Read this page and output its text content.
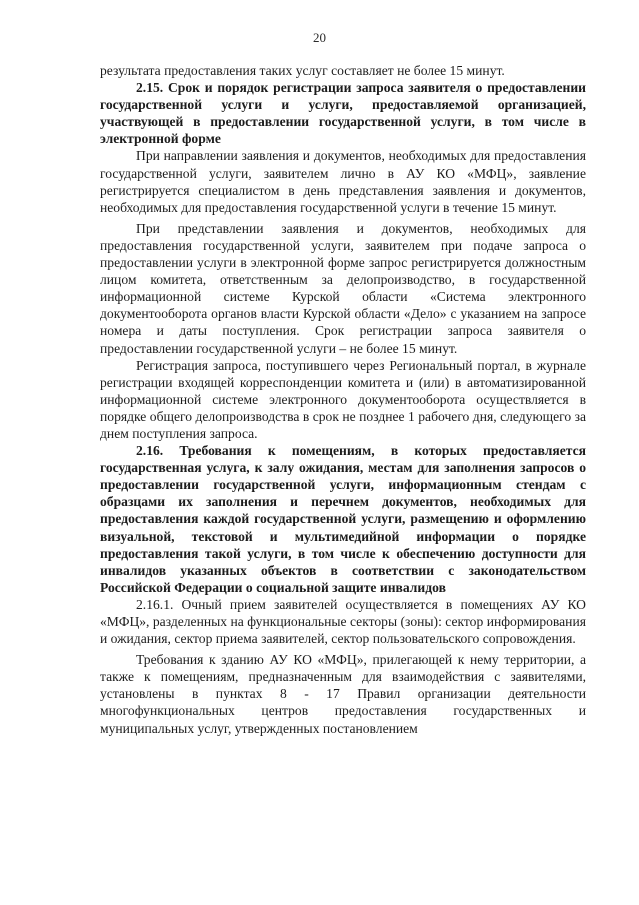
20

результата предоставления таких услуг составляет не более 15 минут.

2.15. Срок и порядок регистрации запроса заявителя о предоставлении государственной услуги и услуги, предоставляемой организацией, участвующей в предоставлении государственной услуги, в том числе в электронной форме

При направлении заявления и документов, необходимых для предоставления государственной услуги, заявителем лично в АУ КО «МФЦ», заявление регистрируется специалистом в день представления заявления и документов, необходимых для предоставления государственной услуги в течение 15 минут.

При представлении заявления и документов, необходимых для предоставления государственной услуги, заявителем при подаче запроса о предоставлении услуги в электронной форме запрос регистрируется должностным лицом комитета, ответственным за делопроизводство, в государственной информационной системе Курской области «Система электронного документооборота органов власти Курской области «Дело» с указанием на запросе номера и даты поступления. Срок регистрации запроса заявителя о предоставлении государственной услуги – не более 15 минут.

Регистрация запроса, поступившего через Региональный портал, в журнале регистрации входящей корреспонденции комитета и (или) в автоматизированной информационной системе электронного документооборота осуществляется в порядке общего делопроизводства в срок не позднее 1 рабочего дня, следующего за днем поступления запроса.

2.16. Требования к помещениям, в которых предоставляется государственная услуга, к залу ожидания, местам для заполнения запросов о предоставлении государственной услуги, информационным стендам с образцами их заполнения и перечнем документов, необходимых для предоставления каждой государственной услуги, размещению и оформлению визуальной, текстовой и мультимедийной информации о порядке предоставления такой услуги, в том числе к обеспечению доступности для инвалидов указанных объектов в соответствии с законодательством Российской Федерации о социальной защите инвалидов

2.16.1. Очный прием заявителей осуществляется в помещениях АУ КО «МФЦ», разделенных на функциональные секторы (зоны): сектор информирования и ожидания, сектор приема заявителей, сектор пользовательского сопровождения.

Требования к зданию АУ КО «МФЦ», прилегающей к нему территории, а также к помещениям, предназначенным для взаимодействия с заявителями, установлены в пунктах 8 - 17 Правил организации деятельности многофункциональных центров предоставления государственных и муниципальных услуг, утвержденных постановлением
